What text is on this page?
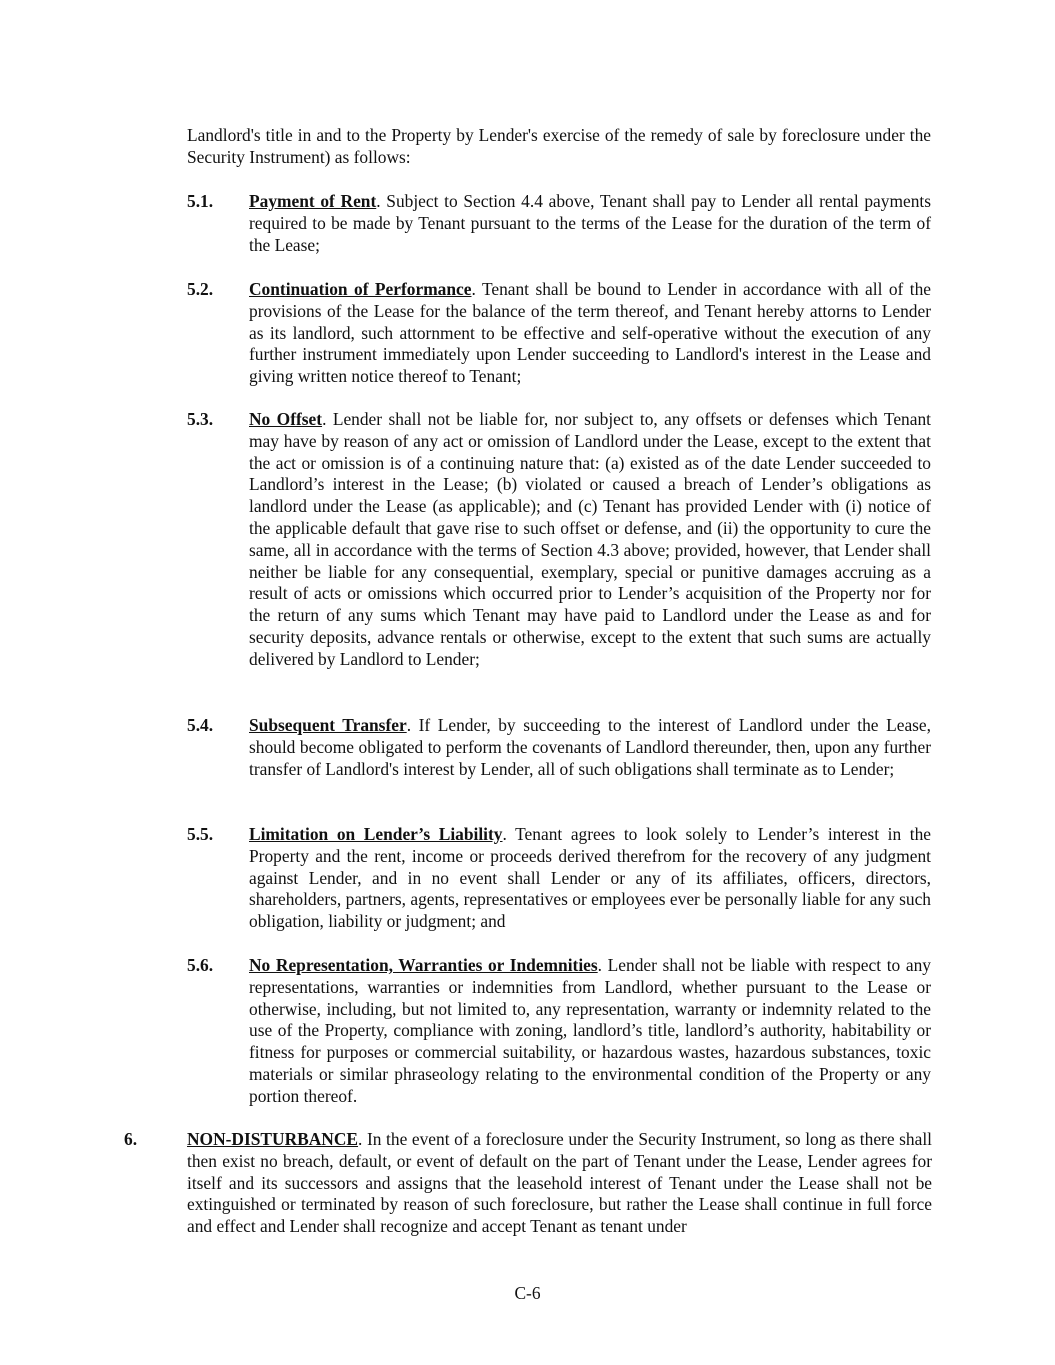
Landlord's title in and to the Property by Lender's exercise of the remedy of sale by foreclosure under the Security Instrument) as follows:

5.1. Payment of Rent. Subject to Section 4.4 above, Tenant shall pay to Lender all rental payments required to be made by Tenant pursuant to the terms of the Lease for the duration of the term of the Lease;

5.2. Continuation of Performance. Tenant shall be bound to Lender in accordance with all of the provisions of the Lease for the balance of the term thereof, and Tenant hereby attorns to Lender as its landlord, such attornment to be effective and self-operative without the execution of any further instrument immediately upon Lender succeeding to Landlord's interest in the Lease and giving written notice thereof to Tenant;

5.3. No Offset. Lender shall not be liable for, nor subject to, any offsets or defenses which Tenant may have by reason of any act or omission of Landlord under the Lease, except to the extent that the act or omission is of a continuing nature that: (a) existed as of the date Lender succeeded to Landlord’s interest in the Lease; (b) violated or caused a breach of Lender’s obligations as landlord under the Lease (as applicable); and (c) Tenant has provided Lender with (i) notice of the applicable default that gave rise to such offset or defense, and (ii) the opportunity to cure the same, all in accordance with the terms of Section 4.3 above; provided, however, that Lender shall neither be liable for any consequential, exemplary, special or punitive damages accruing as a result of acts or omissions which occurred prior to Lender’s acquisition of the Property nor for the return of any sums which Tenant may have paid to Landlord under the Lease as and for security deposits, advance rentals or otherwise, except to the extent that such sums are actually delivered by Landlord to Lender;

5.4. Subsequent Transfer. If Lender, by succeeding to the interest of Landlord under the Lease, should become obligated to perform the covenants of Landlord thereunder, then, upon any further transfer of Landlord's interest by Lender, all of such obligations shall terminate as to Lender;

5.5. Limitation on Lender’s Liability. Tenant agrees to look solely to Lender’s interest in the Property and the rent, income or proceeds derived therefrom for the recovery of any judgment against Lender, and in no event shall Lender or any of its affiliates, officers, directors, shareholders, partners, agents, representatives or employees ever be personally liable for any such obligation, liability or judgment; and

5.6. No Representation, Warranties or Indemnities. Lender shall not be liable with respect to any representations, warranties or indemnities from Landlord, whether pursuant to the Lease or otherwise, including, but not limited to, any representation, warranty or indemnity related to the use of the Property, compliance with zoning, landlord’s title, landlord’s authority, habitability or fitness for purposes or commercial suitability, or hazardous wastes, hazardous substances, toxic materials or similar phraseology relating to the environmental condition of the Property or any portion thereof.

6.	NON-DISTURBANCE. In the event of a foreclosure under the Security Instrument, so long as there shall then exist no breach, default, or event of default on the part of Tenant under the Lease, Lender agrees for itself and its successors and assigns that the leasehold interest of Tenant under the Lease shall not be extinguished or terminated by reason of such foreclosure, but rather the Lease shall continue in full force and effect and Lender shall recognize and accept Tenant as tenant under

C-6
